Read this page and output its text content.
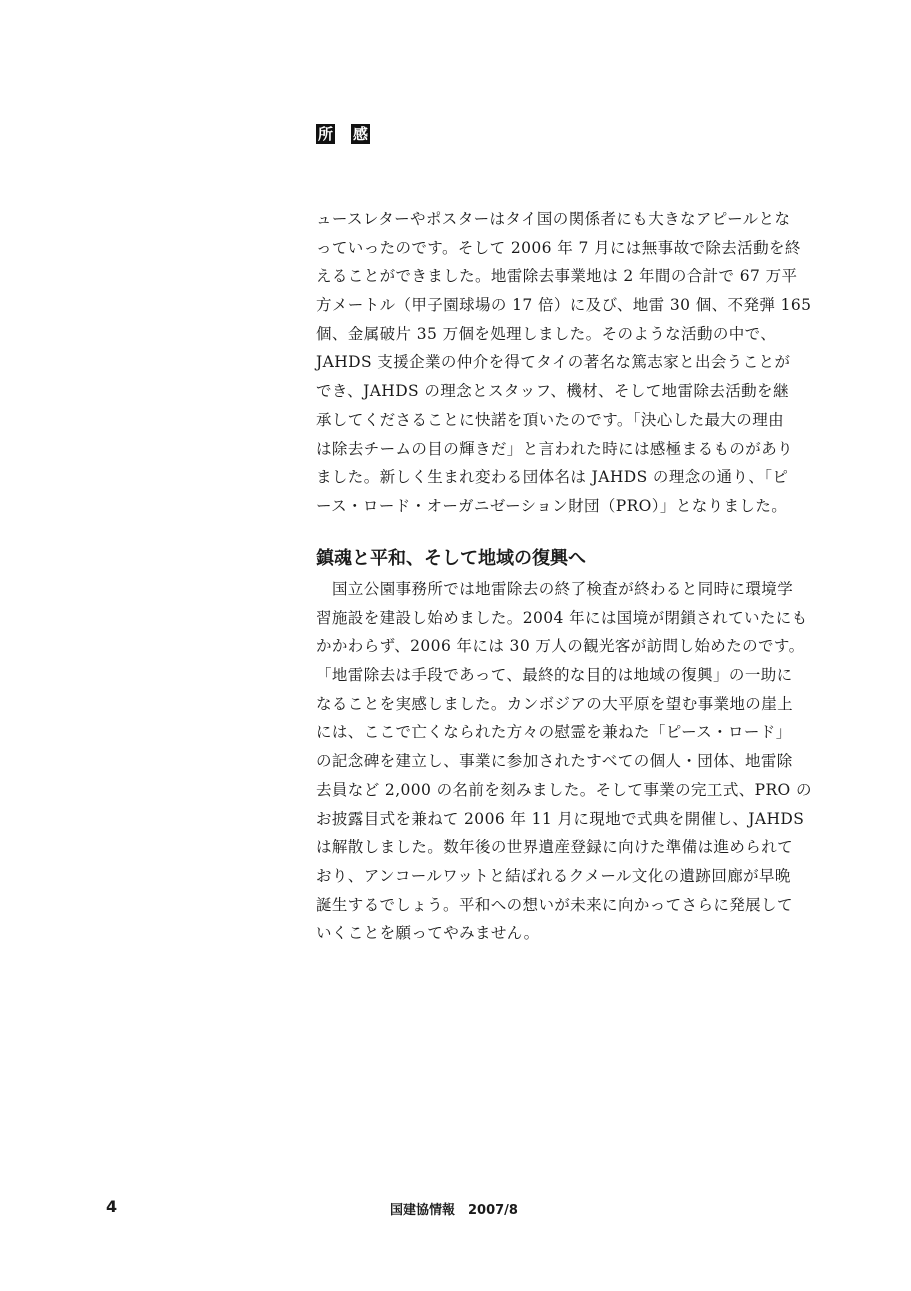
所 感
ュースレターやポスターはタイ国の関係者にも大きなアピールとな
っていったのです。そして 2006 年 7 月には無事故で除去活動を終
えることができました。地雷除去事業地は 2 年間の合計で 67 万平
方メートル（甲子園球場の 17 倍）に及び、地雷 30 個、不発弾 165
個、金属破片 35 万個を処理しました。そのような活動の中で、
JAHDS 支援企業の仲介を得てタイの著名な篤志家と出会うことが
でき、JAHDS の理念とスタッフ、機材、そして地雷除去活動を継
承してくださることに快諾を頂いたのです。「決心した最大の理由
は除去チームの目の輝きだ」と言われた時には感極まるものがあり
ました。新しく生まれ変わる団体名は JAHDS の理念の通り、「ピ
ース・ロード・オーガニゼーション財団（PRO）」となりました。
鎮魂と平和、そして地域の復興へ
国立公園事務所では地雷除去の終了検査が終わると同時に環境学
習施設を建設し始めました。2004 年には国境が閉鎖されていたにも
かかわらず、2006 年には 30 万人の観光客が訪問し始めたのです。
「地雷除去は手段であって、最終的な目的は地域の復興」の一助に
なることを実感しました。カンボジアの大平原を望む事業地の崖上
には、ここで亡くなられた方々の慰霊を兼ねた「ピース・ロード」
の記念碑を建立し、事業に参加されたすべての個人・団体、地雷除
去員など 2,000 の名前を刻みました。そして事業の完工式、PRO の
お披露目式を兼ねて 2006 年 11 月に現地で式典を開催し、JAHDS
は解散しました。数年後の世界遺産登録に向けた準備は進められて
おり、アンコールワットと結ばれるクメール文化の遺跡回廊が早晩
誕生するでしょう。平和への想いが未来に向かってさらに発展して
いくことを願ってやみません。
4	国建協情報　2007/8
